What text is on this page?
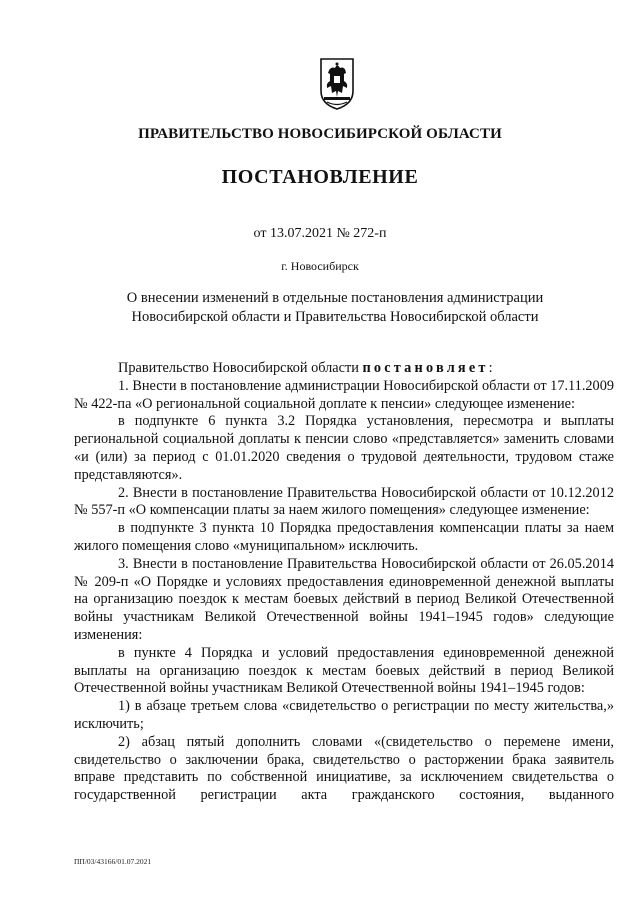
ПРАВИТЕЛЬСТВО НОВОСИБИРСКОЙ ОБЛАСТИ
ПОСТАНОВЛЕНИЕ
от 13.07.2021 № 272-п
г. Новосибирск
О внесении изменений в отдельные постановления администрации
Новосибирской области и Правительства Новосибирской области

Правительство Новосибирской области постановляет:

1. Внести в постановление администрации Новосибирской области от 17.11.2009 № 422-па «О региональной социальной доплате к пенсии» следующее изменение:

в подпункте 6 пункта 3.2 Порядка установления, пересмотра и выплаты региональной социальной доплаты к пенсии слово «представляется» заменить словами «и (или) за период с 01.01.2020 сведения о трудовой деятельности, трудовом стаже представляются».

2. Внести в постановление Правительства Новосибирской области от 10.12.2012 № 557-п «О компенсации платы за наем жилого помещения» следующее изменение:

в подпункте 3 пункта 10 Порядка предоставления компенсации платы за наем жилого помещения слово «муниципальном» исключить.

3. Внести в постановление Правительства Новосибирской области от 26.05.2014 № 209-п «О Порядке и условиях предоставления единовременной денежной выплаты на организацию поездок к местам боевых действий в период Великой Отечественной войны участникам Великой Отечественной войны 1941–1945 годов» следующие изменения:

в пункте 4 Порядка и условий предоставления единовременной денежной выплаты на организацию поездок к местам боевых действий в период Великой Отечественной войны участникам Великой Отечественной войны 1941–1945 годов:

1) в абзаце третьем слова «свидетельство о регистрации по месту жительства,» исключить;

2) абзац пятый дополнить словами «(свидетельство о перемене имени, свидетельство о заключении брака, свидетельство о расторжении брака заявитель вправе представить по собственной инициативе, за исключением свидетельства о государственной регистрации акта гражданского состояния, выданного

ПП/03/43166/01.07.2021
